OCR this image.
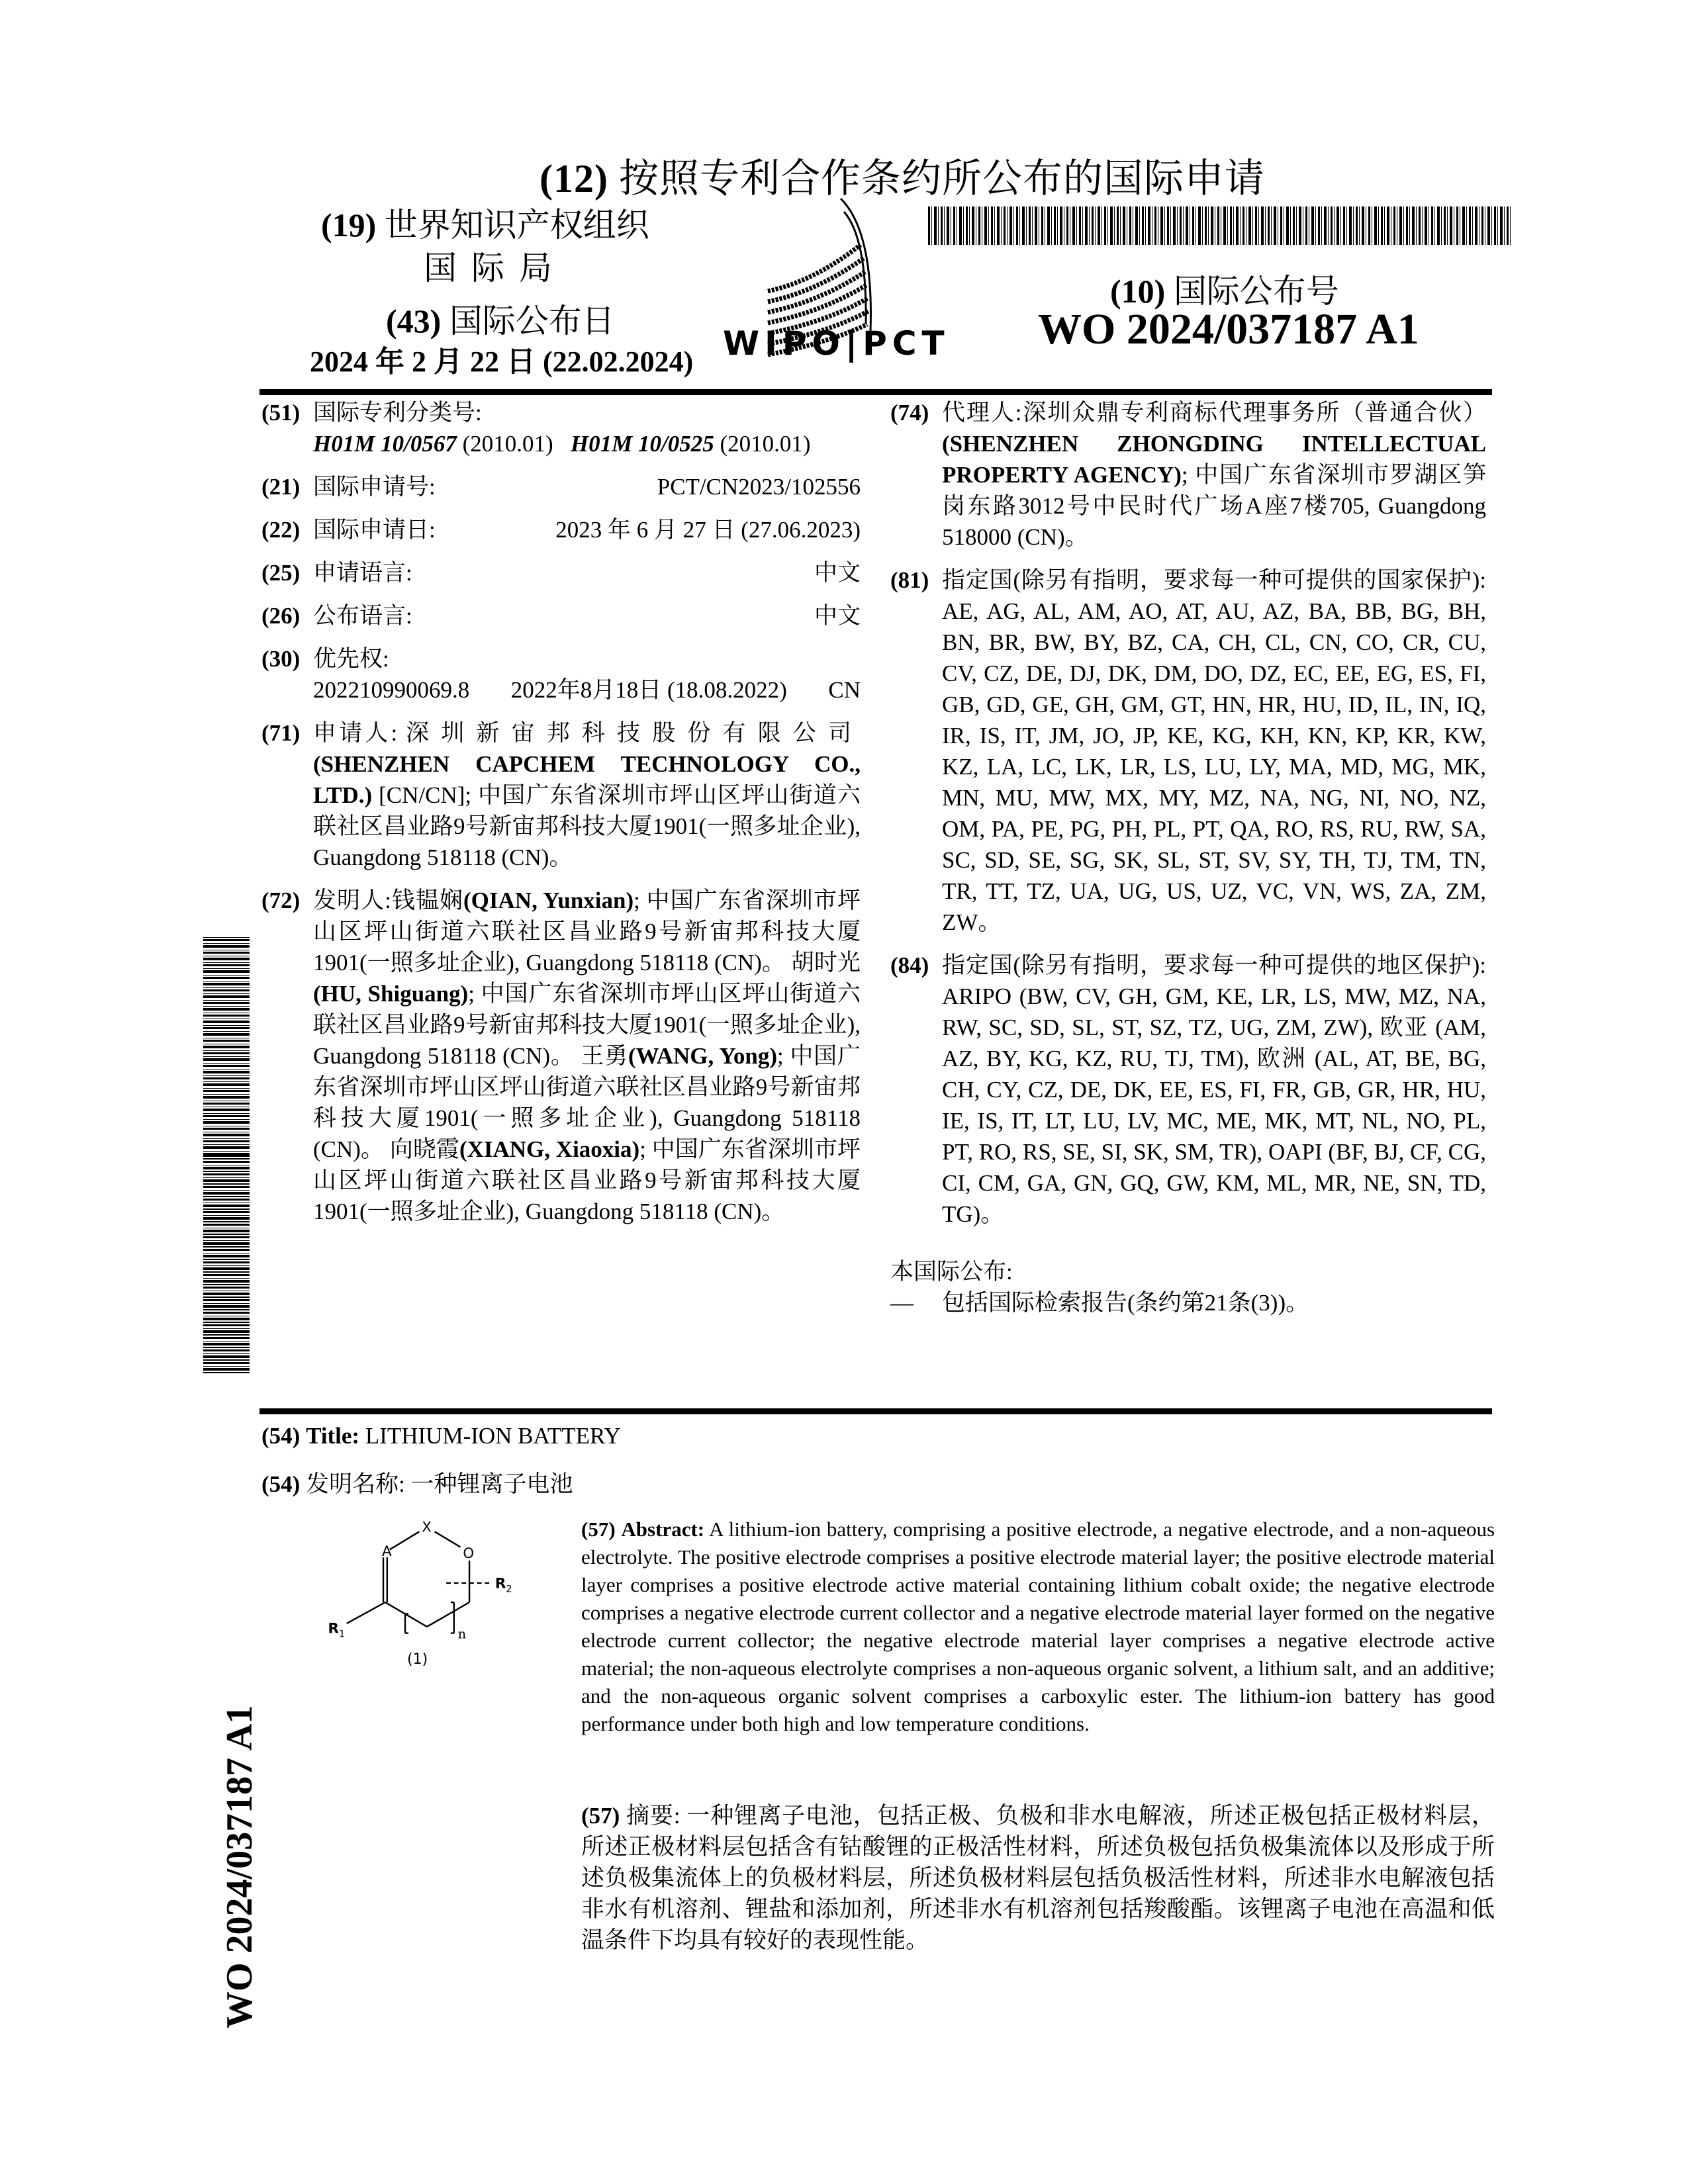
(12) 按照专利合作条约所公布的国际申请
(19) 世界知识产权组织
国际局
(43) 国际公布日
2024 年 2 月 22 日 (22.02.2024) WIPO|PCT
(10) 国际公布号
WO 2024/037187 A1
WO 2024/037187 A1
(51) 国际专利分类号:
H01M 10/0567 (2010.01) H01M 10/0525 (2010.01)
(21) 国际申请号:	PCT/CN2023/102556
(22) 国际申请日:	2023 年 6 月 27 日 (27.06.2023)
(25) 申请语言:	中文
(26) 公布语言:	中文
(30) 优先权:
202210990069.8 2022年8月18日 (18.08.2022) CN
(71) 申请人: 深圳新宙邦科技股份有限公司(SHENZHEN CAPCHEM TECHNOLOGY CO., LTD.) [CN/CN]; 中国广东省深圳市坪山区坪山街道六联社区昌业路9号新宙邦科技大厦1901(一照多址企业), Guangdong 518118 (CN)。
(72) 发明人:钱韫娴(QIAN, Yunxian); 中国广东省深圳市坪山区坪山街道六联社区昌业路9号新宙邦科技大厦1901(一照多址企业), Guangdong 518118 (CN)。 胡时光(HU, Shiguang); 中国广东省深圳市坪山区坪山街道六联社区昌业路9号新宙邦科技大厦1901(一照多址企业), Guangdong 518118 (CN)。 王勇(WANG, Yong); 中国广东省深圳市坪山区坪山街道六联社区昌业路9号新宙邦科技大厦1901(一照多址企业), Guangdong 518118 (CN)。 向晓霞(XIANG, Xiaoxia); 中国广东省深圳市坪山区坪山街道六联社区昌业路9号新宙邦科技大厦1901(一照多址企业), Guangdong 518118 (CN)。
(74) 代理人:深圳众鼎专利商标代理事务所（普通合伙） (SHENZHEN ZHONGDING INTELLECTUAL PROPERTY AGENCY); 中国广东省深圳市罗湖区笋岗东路3012号中民时代广场A座7楼705, Guangdong 518000 (CN)。
(81) 指定国(除另有指明，要求每一种可提供的国家保护): AE, AG, AL, AM, AO, AT, AU, AZ, BA, BB, BG, BH, BN, BR, BW, BY, BZ, CA, CH, CL, CN, CO, CR, CU, CV, CZ, DE, DJ, DK, DM, DO, DZ, EC, EE, EG, ES, FI, GB, GD, GE, GH, GM, GT, HN, HR, HU, ID, IL, IN, IQ, IR, IS, IT, JM, JO, JP, KE, KG, KH, KN, KP, KR, KW, KZ, LA, LC, LK, LR, LS, LU, LY, MA, MD, MG, MK, MN, MU, MW, MX, MY, MZ, NA, NG, NI, NO, NZ, OM, PA, PE, PG, PH, PL, PT, QA, RO, RS, RU, RW, SA, SC, SD, SE, SG, SK, SL, ST, SV, SY, TH, TJ, TM, TN, TR, TT, TZ, UA, UG, US, UZ, VC, VN, WS, ZA, ZM, ZW。
(84) 指定国(除另有指明，要求每一种可提供的地区保护): ARIPO (BW, CV, GH, GM, KE, LR, LS, MW, MZ, NA, RW, SC, SD, SL, ST, SZ, TZ, UG, ZM, ZW), 欧亚 (AM, AZ, BY, KG, KZ, RU, TJ, TM), 欧洲 (AL, AT, BE, BG, CH, CY, CZ, DE, DK, EE, ES, FI, FR, GB, GR, HR, HU, IE, IS, IT, LT, LU, LV, MC, ME, MK, MT, NL, NO, PL, PT, RO, RS, SE, SI, SK, SM, TR), OAPI (BF, BJ, CF, CG, CI, CM, GA, GN, GQ, GW, KM, ML, MR, NE, SN, TD, TG)。
本国际公布:
— 包括国际检索报告(条约第21条(3))。
(54) Title: LITHIUM-ION BATTERY
(54) 发明名称: 一种锂离子电池
A
X
O
R 1
R 2
n
(1)
(57) Abstract: A lithium-ion battery, comprising a positive electrode, a negative electrode, and a non-aqueous electrolyte. The positive electrode comprises a positive electrode material layer; the positive electrode material layer comprises a positive electrode active material containing lithium cobalt oxide; the negative electrode comprises a negative electrode current collector and a negative electrode material layer formed on the negative electrode current collector; the negative electrode material layer comprises a negative electrode active material; the non-aqueous electrolyte comprises a non-aqueous organic solvent, a lithium salt, and an additive; and the non-aqueous organic solvent comprises a carboxylic ester. The lithium-ion battery has good performance under both high and low temperature conditions.
(57) 摘要: 一种锂离子电池，包括正极、负极和非水电解液，所述正极包括正极材料层，所述正极材料层包括含有钴酸锂的正极活性材料，所述负极包括负极集流体以及形成于所述负极集流体上的负极材料层，所述负极材料层包括负极活性材料，所述非水电解液包括非水有机溶剂、锂盐和添加剂，所述非水有机溶剂包括羧酸酯。该锂离子电池在高温和低温条件下均具有较好的表现性能。
